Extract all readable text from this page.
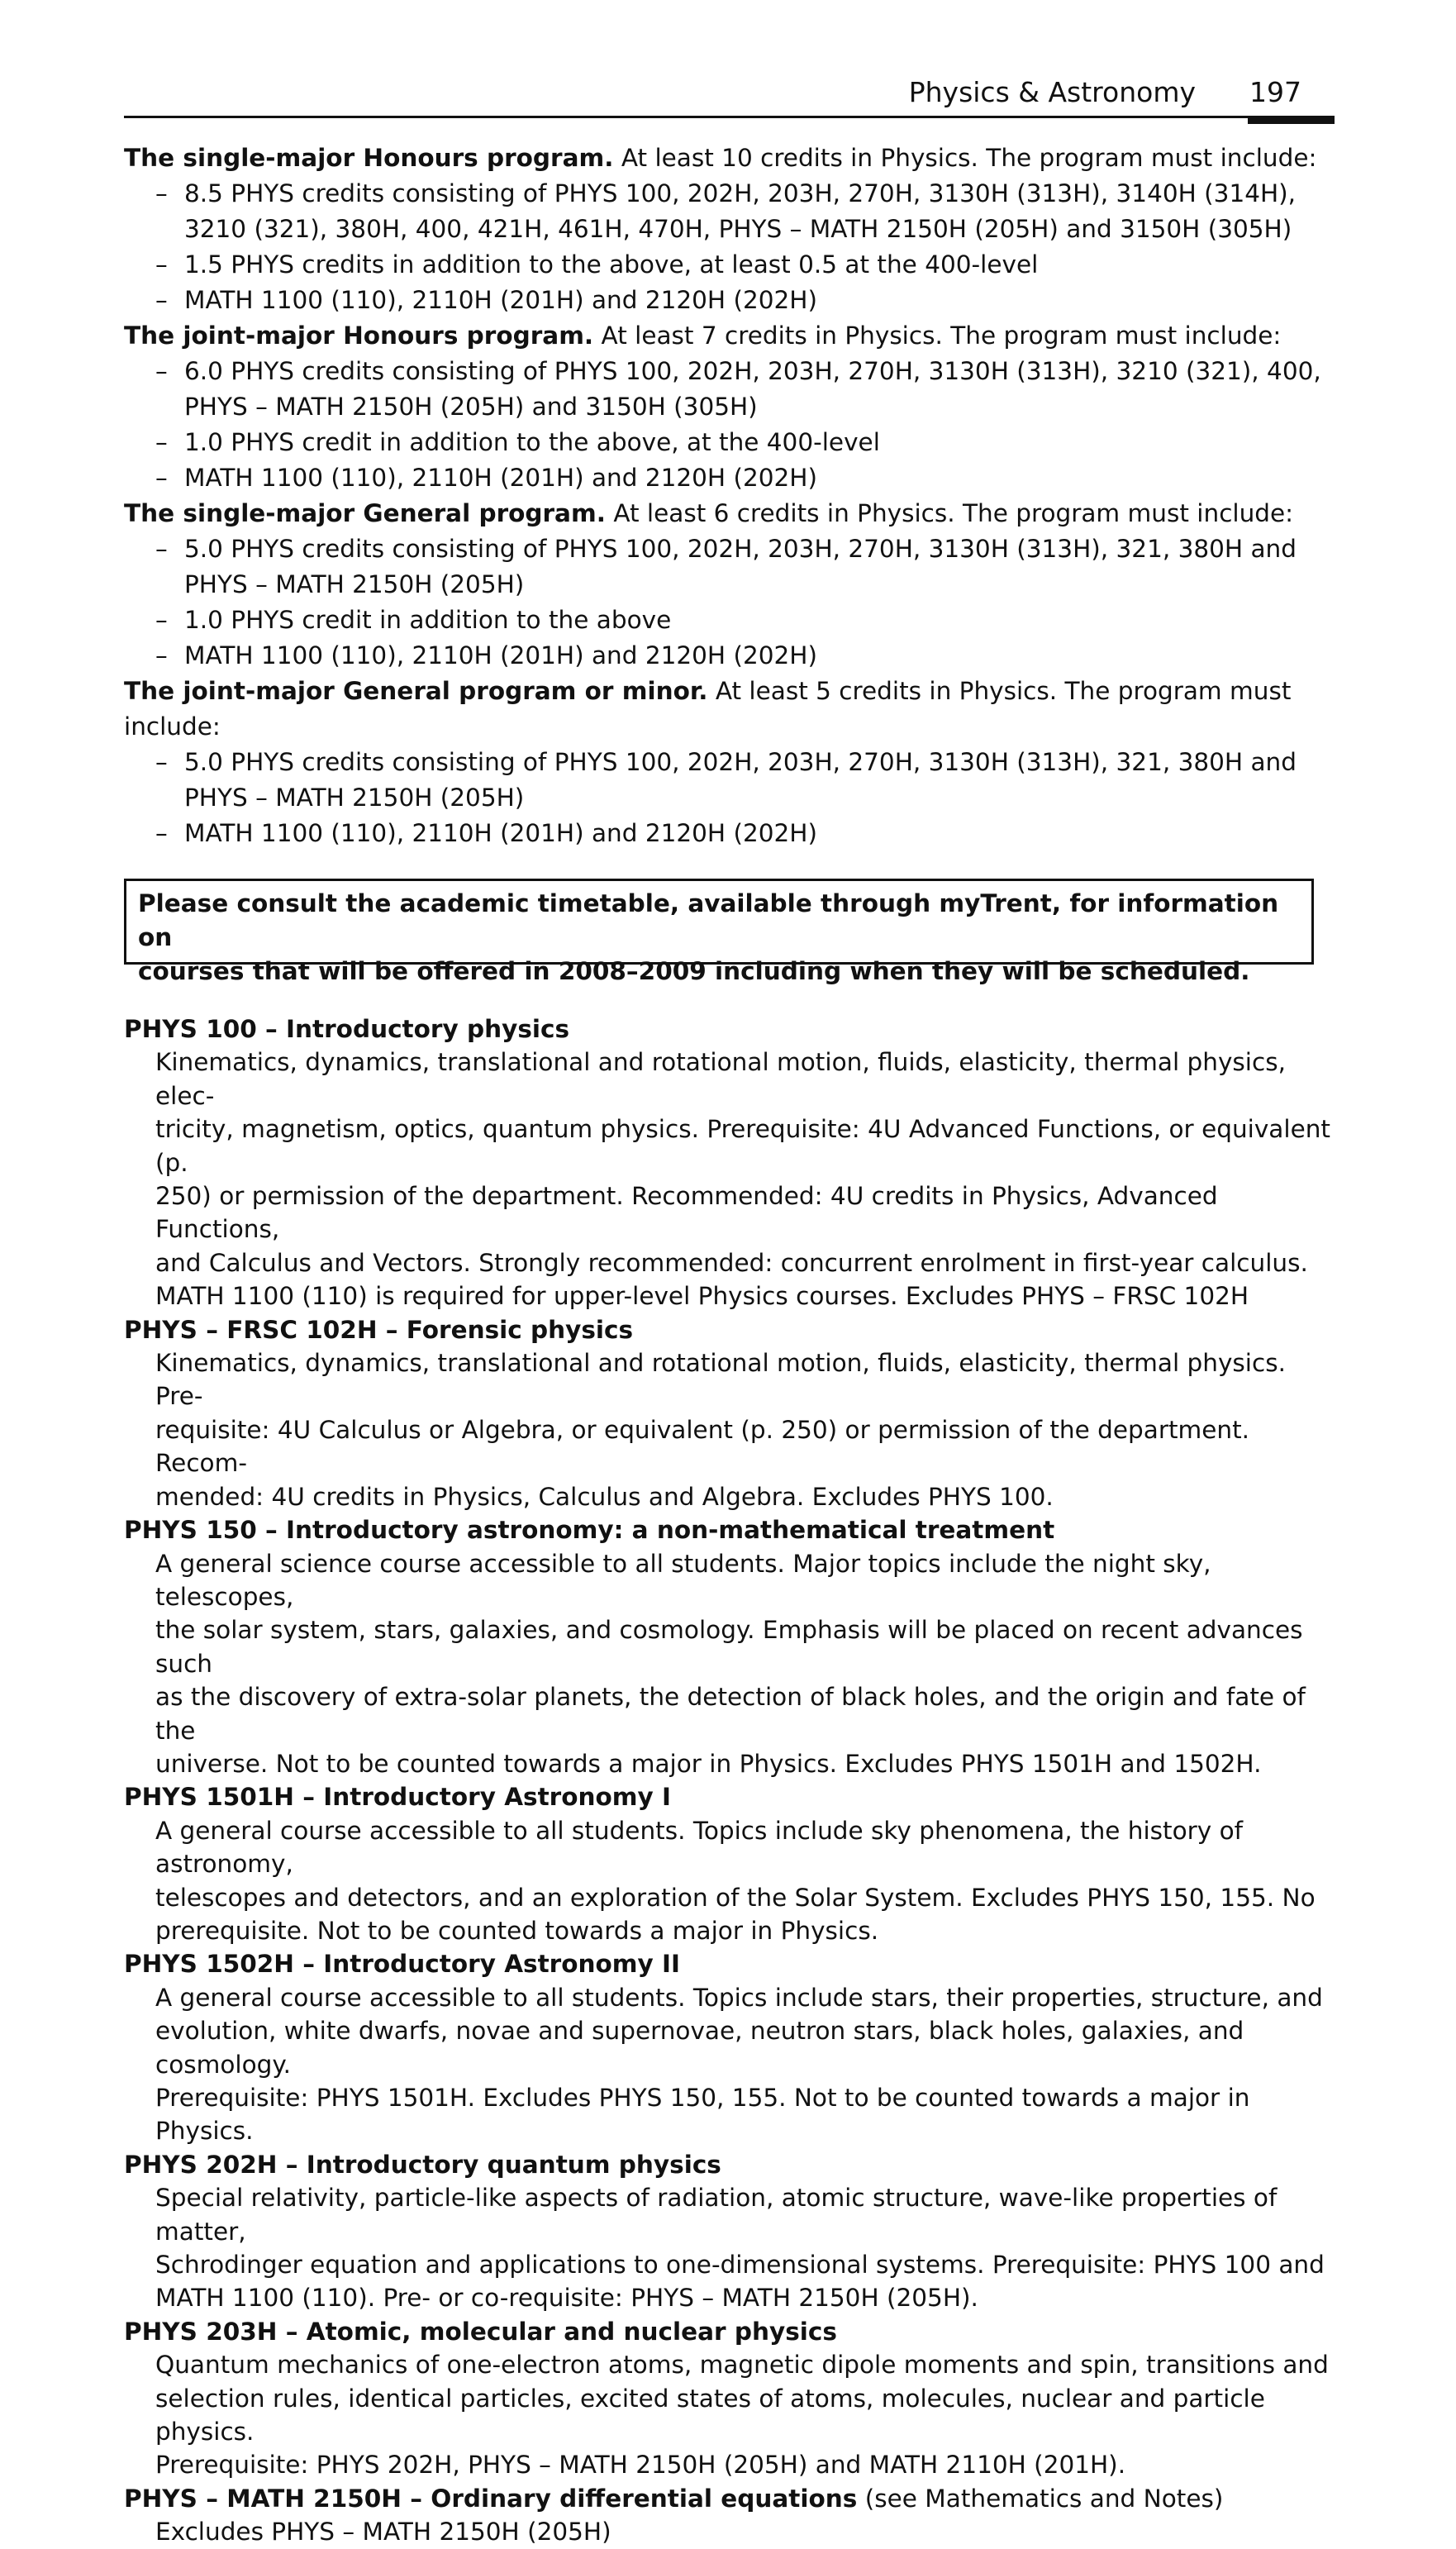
Physics & Astronomy 197

The single-major Honours program. At least 10 credits in Physics. The program must include:

– 8.5 PHYS credits consisting of PHYS 100, 202H, 203H, 270H, 3130H (313H), 3140H (314H),
3210 (321), 380H, 400, 421H, 461H, 470H, PHYS – MATH 2150H (205H) and 3150H (305H)
– 1.5 PHYS credits in addition to the above, at least 0.5 at the 400-level
– MATH 1100 (110), 2110H (201H) and 2120H (202H)

The joint-major Honours program. At least 7 credits in Physics. The program must include:

– 6.0 PHYS credits consisting of PHYS 100, 202H, 203H, 270H, 3130H (313H), 3210 (321), 400,
PHYS – MATH 2150H (205H) and 3150H (305H)
– 1.0 PHYS credit in addition to the above, at the 400-level
– MATH 1100 (110), 2110H (201H) and 2120H (202H)

The single-major General program. At least 6 credits in Physics. The program must include:

– 5.0 PHYS credits consisting of PHYS 100, 202H, 203H, 270H, 3130H (313H), 321, 380H and
PHYS – MATH 2150H (205H)
– 1.0 PHYS credit in addition to the above
– MATH 1100 (110), 2110H (201H) and 2120H (202H)

The joint-major General program or minor. At least 5 credits in Physics. The program must include:

– 5.0 PHYS credits consisting of PHYS 100, 202H, 203H, 270H, 3130H (313H), 321, 380H and
PHYS – MATH 2150H (205H)
– MATH 1100 (110), 2110H (201H) and 2120H (202H)
Please consult the academic timetable, available through myTrent, for information on
courses that will be offered in 2008–2009 including when they will be scheduled.

PHYS 100 – Introductory physics

Kinematics, dynamics, translational and rotational motion, fluids, elasticity, thermal physics, elec-
tricity, magnetism, optics, quantum physics. Prerequisite: 4U Advanced Functions, or equivalent (p.
250) or permission of the department. Recommended: 4U credits in Physics, Advanced Functions,
and Calculus and Vectors. Strongly recommended: concurrent enrolment in first-year calculus.
MATH 1100 (110) is required for upper-level Physics courses. Excludes PHYS – FRSC 102H

PHYS – FRSC 102H – Forensic physics

Kinematics, dynamics, translational and rotational motion, fluids, elasticity, thermal physics. Pre-
requisite: 4U Calculus or Algebra, or equivalent (p. 250) or permission of the department. Recom-
mended: 4U credits in Physics, Calculus and Algebra. Excludes PHYS 100.

PHYS 150 – Introductory astronomy: a non-mathematical treatment

A general science course accessible to all students. Major topics include the night sky, telescopes,
the solar system, stars, galaxies, and cosmology. Emphasis will be placed on recent advances such
as the discovery of extra-solar planets, the detection of black holes, and the origin and fate of the
universe. Not to be counted towards a major in Physics. Excludes PHYS 1501H and 1502H.

PHYS 1501H – Introductory Astronomy I

A general course accessible to all students. Topics include sky phenomena, the history of astronomy,
telescopes and detectors, and an exploration of the Solar System. Excludes PHYS 150, 155. No
prerequisite. Not to be counted towards a major in Physics.

PHYS 1502H – Introductory Astronomy II

A general course accessible to all students. Topics include stars, their properties, structure, and
evolution, white dwarfs, novae and supernovae, neutron stars, black holes, galaxies, and cosmology.
Prerequisite: PHYS 1501H. Excludes PHYS 150, 155. Not to be counted towards a major in Physics.

PHYS 202H – Introductory quantum physics

Special relativity, particle-like aspects of radiation, atomic structure, wave-like properties of matter,
Schrodinger equation and applications to one-dimensional systems. Prerequisite: PHYS 100 and
MATH 1100 (110). Pre- or co-requisite: PHYS – MATH 2150H (205H).

PHYS 203H – Atomic, molecular and nuclear physics

Quantum mechanics of one-electron atoms, magnetic dipole moments and spin, transitions and
selection rules, identical particles, excited states of atoms, molecules, nuclear and particle physics.
Prerequisite: PHYS 202H, PHYS – MATH 2150H (205H) and MATH 2110H (201H).

PHYS – MATH 2150H – Ordinary differential equations (see Mathematics and Notes)

Excludes PHYS – MATH 2150H (205H)
